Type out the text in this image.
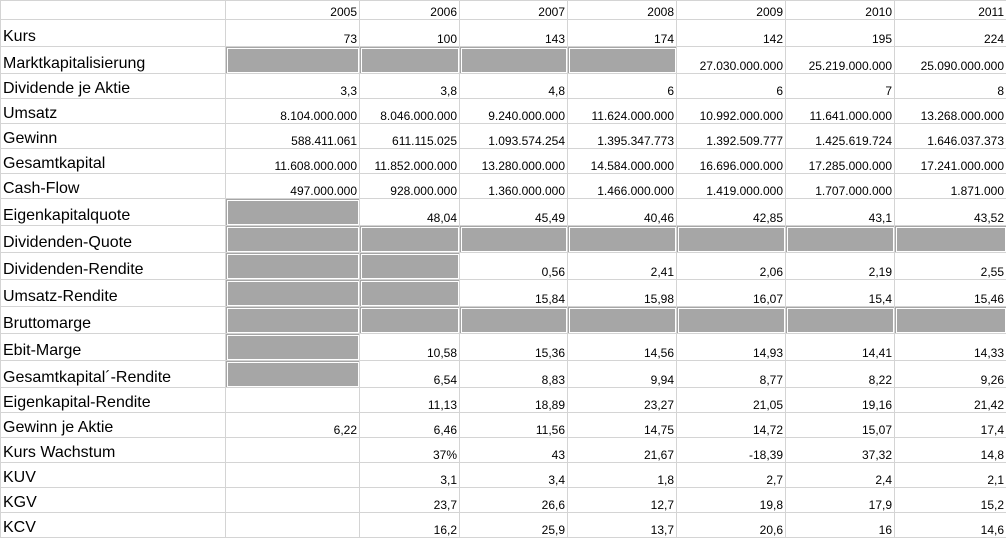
	2005	2006	2007	2008	2009	2010	2011
Kurs	73	100	143	174	142	195	224
Marktkapitalisierung					27.030.000.000	25.219.000.000	25.090.000.000
Dividende je Aktie	3,3	3,8	4,8	6	6	7	8
Umsatz	8.104.000.000	8.046.000.000	9.240.000.000	11.624.000.000	10.992.000.000	11.641.000.000	13.268.000.000
Gewinn	588.411.061	611.115.025	1.093.574.254	1.395.347.773	1.392.509.777	1.425.619.724	1.646.037.373
Gesamtkapital	11.608.000.000	11.852.000.000	13.280.000.000	14.584.000.000	16.696.000.000	17.285.000.000	17.241.000.000
Cash-Flow	497.000.000	928.000.000	1.360.000.000	1.466.000.000	1.419.000.000	1.707.000.000	1.871.000
Eigenkapitalquote		48,04	45,49	40,46	42,85	43,1	43,52
Dividenden-Quote							
Dividenden-Rendite			0,56	2,41	2,06	2,19	2,55
Umsatz-Rendite			15,84	15,98	16,07	15,4	15,46
Bruttomarge							
Ebit-Marge		10,58	15,36	14,56	14,93	14,41	14,33
Gesamtkapital´-Rendite		6,54	8,83	9,94	8,77	8,22	9,26
Eigenkapital-Rendite		11,13	18,89	23,27	21,05	19,16	21,42
Gewinn je Aktie	6,22	6,46	11,56	14,75	14,72	15,07	17,4
Kurs Wachstum		37%	43	21,67	-18,39	37,32	14,8
KUV		3,1	3,4	1,8	2,7	2,4	2,1
KGV		23,7	26,6	12,7	19,8	17,9	15,2
KCV		16,2	25,9	13,7	20,6	16	14,6
